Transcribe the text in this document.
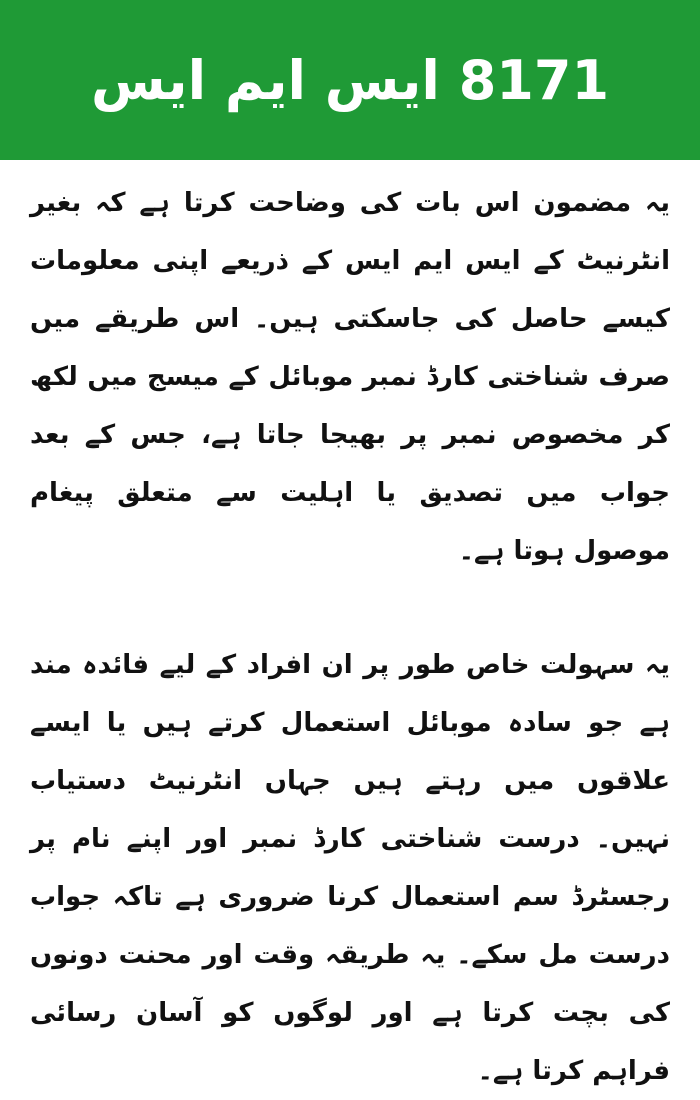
8171 ایس ایم ایس

یہ مضمون اس بات کی وضاحت کرتا ہے کہ بغیر انٹرنیٹ کے ایس ایم ایس کے ذریعے اپنی معلومات کیسے حاصل کی جاسکتی ہیں۔ اس طریقے میں صرف شناختی کارڈ نمبر موبائل کے میسج میں لکھ کر مخصوص نمبر پر بھیجا جاتا ہے، جس کے بعد جواب میں تصدیق یا اہلیت سے متعلق پیغام موصول ہوتا ہے۔

یہ سہولت خاص طور پر ان افراد کے لیے فائدہ مند ہے جو سادہ موبائل استعمال کرتے ہیں یا ایسے علاقوں میں رہتے ہیں جہاں انٹرنیٹ دستیاب نہیں۔ درست شناختی کارڈ نمبر اور اپنے نام پر رجسٹرڈ سم استعمال کرنا ضروری ہے تاکہ جواب درست مل سکے۔ یہ طریقہ وقت اور محنت دونوں کی بچت کرتا ہے اور لوگوں کو آسان رسائی فراہم کرتا ہے۔
